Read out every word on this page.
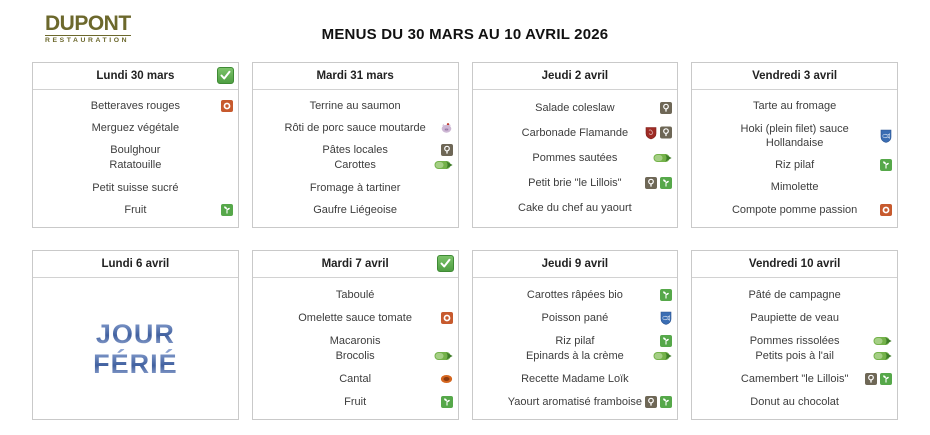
DUPONT
RESTAURATION	MENUS DU 30 MARS AU 10 AVRIL 2026
Lundi 30 mars
Betteraves rouges
Merguez végétale
Boulghour
Ratatouille
Petit suisse sucré
Fruit
Mardi 31 mars
Terrine au saumon
Rôti de porc sauce moutarde
Pâtes locales
Carottes
Fromage à tartiner
Gaufre Liégeoise
Jeudi 2 avril
Salade coleslaw
Carbonade Flamande
Pommes sautées
Petit brie "le Lillois"
Cake du chef au yaourt
Vendredi 3 avril
Tarte au fromage
Hoki (plein filet) sauce Hollandaise
Riz pilaf
Mimolette
Compote pomme passion
Lundi 6 avril
JOUR
FÉRIÉ
Mardi 7 avril
Taboulé
Omelette sauce tomate
Macaronis
Brocolis
Cantal
Fruit
Jeudi 9 avril
Carottes râpées bio
Poisson pané
Riz pilaf
Epinards à la crème
Recette Madame Loïk
Yaourt aromatisé framboise
Vendredi 10 avril
Pâté de campagne
Paupiette de veau
Pommes rissolées
Petits pois à l'ail
Camembert "le Lillois"
Donut au chocolat
